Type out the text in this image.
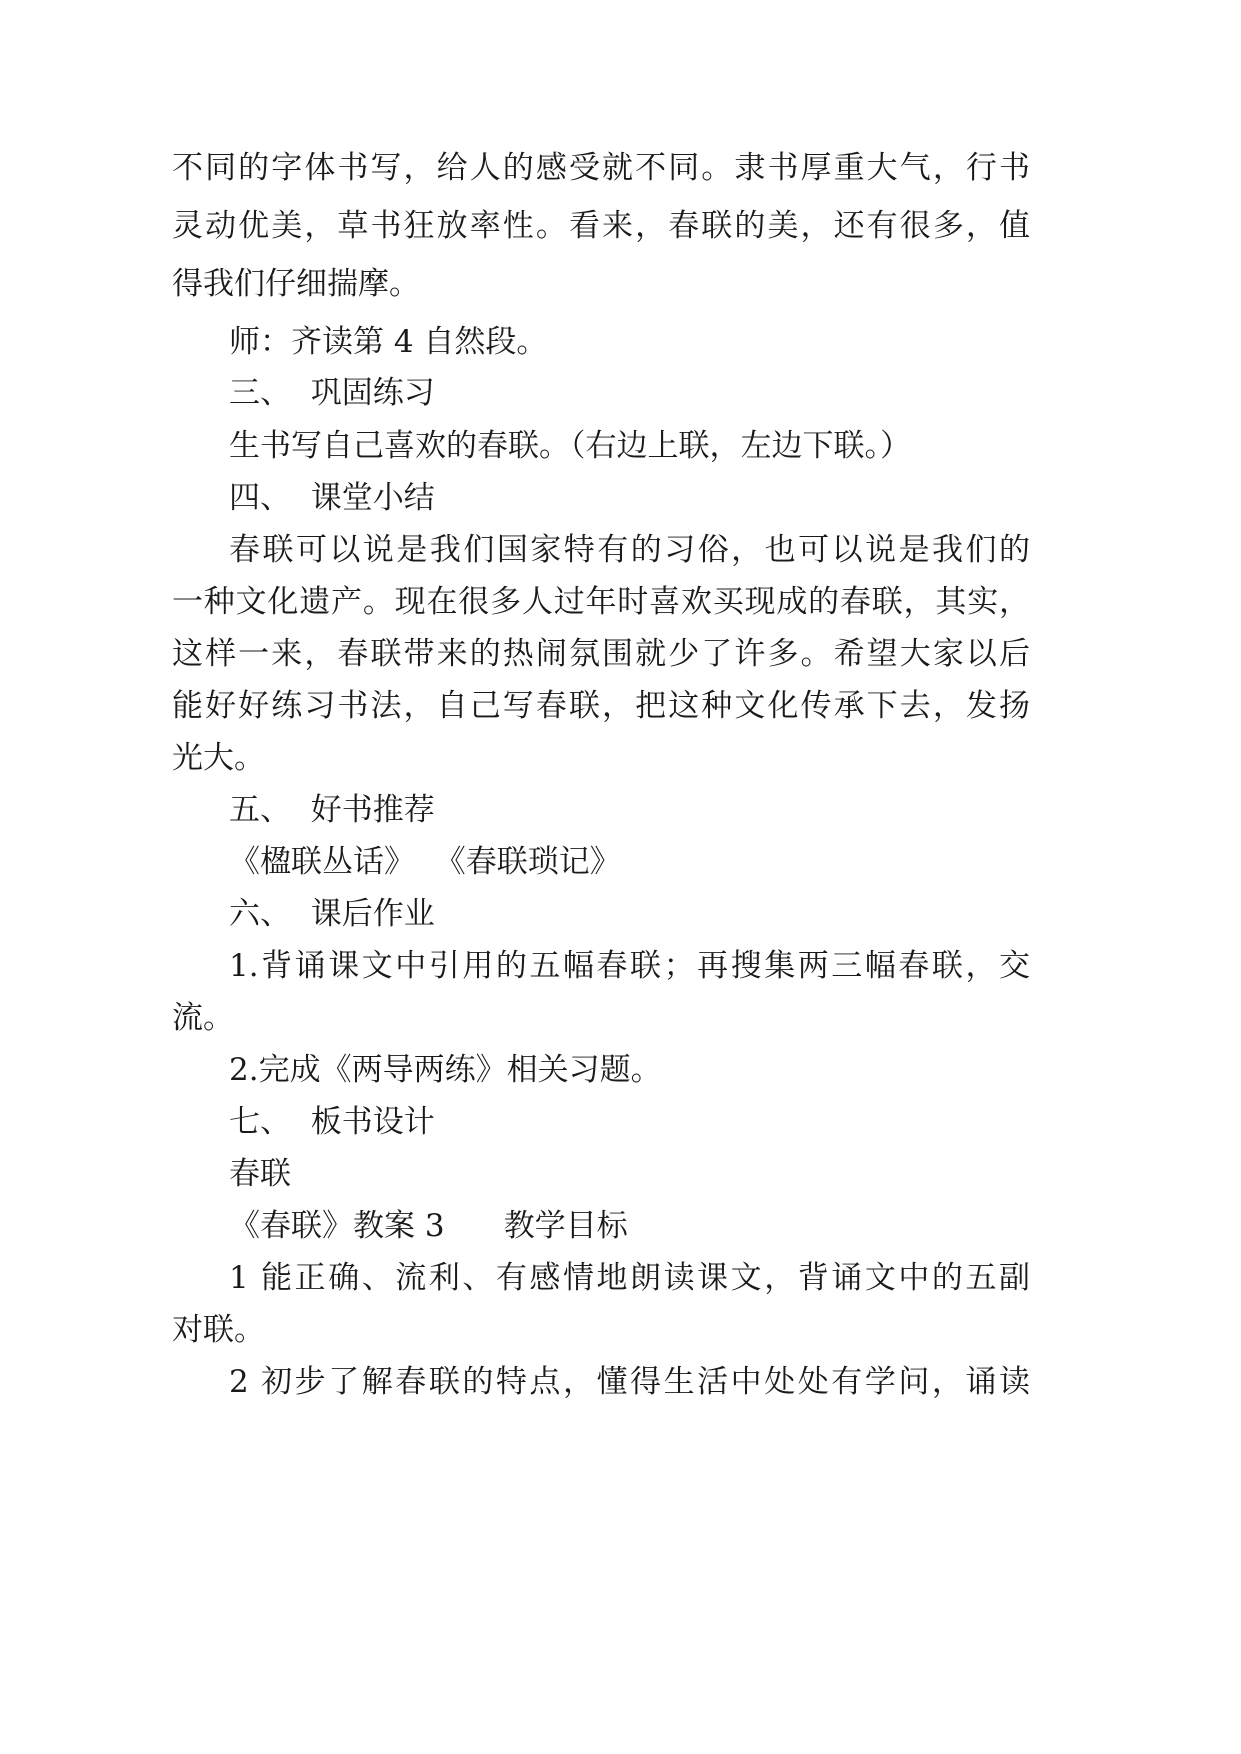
不同的字体书写，给人的感受就不同。隶书厚重大气，行书
灵动优美，草书狂放率性。看来，春联的美，还有很多，值
得我们仔细揣摩。
师：齐读第 4 自然段。
三、  巩固练习
生书写自己喜欢的春联。（右边上联，左边下联。）
四、  课堂小结
春联可以说是我们国家特有的习俗，也可以说是我们的
一种文化遗产。现在很多人过年时喜欢买现成的春联，其实，
这样一来，春联带来的热闹氛围就少了许多。希望大家以后
能好好练习书法，自己写春联，把这种文化传承下去，发扬
光大。
五、  好书推荐
《楹联丛话》  《春联琐记》
六、  课后作业
1.背诵课文中引用的五幅春联；再搜集两三幅春联，交
流。
2.完成《两导两练》相关习题。
七、  板书设计
春联
《春联》教案 3      教学目标
1 能正确、流利、有感情地朗读课文，背诵文中的五副
对联。
2 初步了解春联的特点，懂得生活中处处有学问，诵读
